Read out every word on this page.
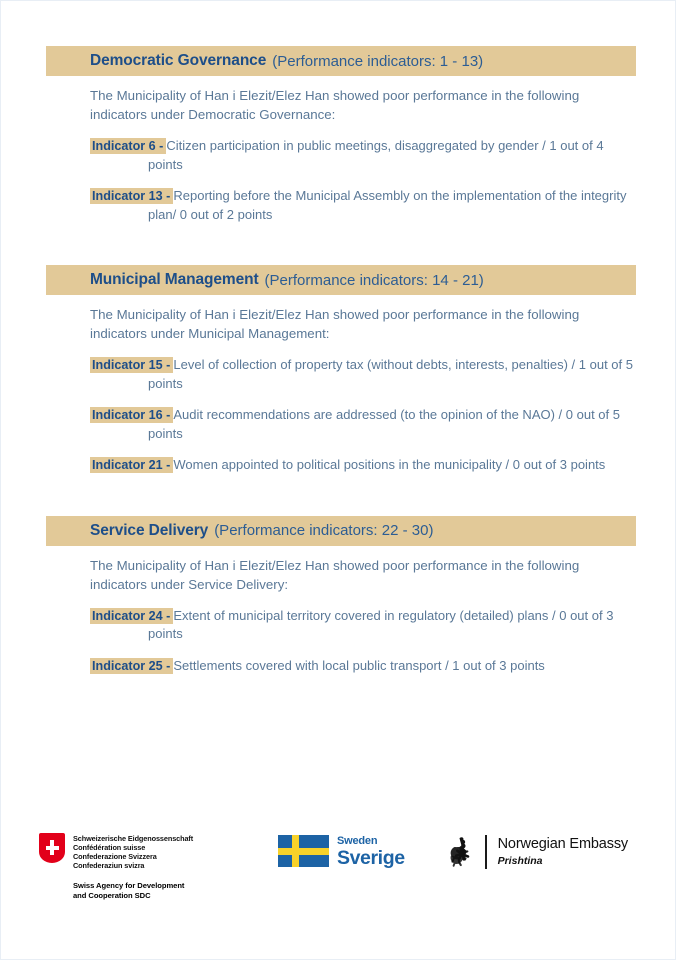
Democratic Governance (Performance indicators: 1 - 13)

The Municipality of Han i Elezit/Elez Han showed poor performance in the following indicators under Democratic Governance:

Indicator 6 - Citizen participation in public meetings, disaggregated by gender / 1 out of 4 points

Indicator 13 - Reporting before the Municipal Assembly on the implementation of the integrity plan/ 0 out of 2 points

Municipal Management (Performance indicators: 14 - 21)

The Municipality of Han i Elezit/Elez Han showed poor performance in the following indicators under Municipal Management:

Indicator 15 - Level of collection of property tax (without debts, interests, penalties) / 1 out of 5 points

Indicator 16 - Audit recommendations are addressed (to the opinion of the NAO) / 0 out of 5 points

Indicator 21 - Women appointed to political positions in the municipality / 0 out of 3 points

Service Delivery (Performance indicators: 22 - 30)

The Municipality of Han i Elezit/Elez Han showed poor performance in the following indicators under Service Delivery:

Indicator 24 - Extent of municipal territory covered in regulatory (detailed) plans / 0 out of 3 points

Indicator 25 - Settlements covered with local public transport / 1 out of 3 points

Schweizerische Eidgenossenschaft
Confédération suisse
Confederazione Svizzera
Confederaziun svizra
Swiss Agency for Development
and Cooperation SDC
Sweden
Sverige
Norwegian Embassy
Prishtina
